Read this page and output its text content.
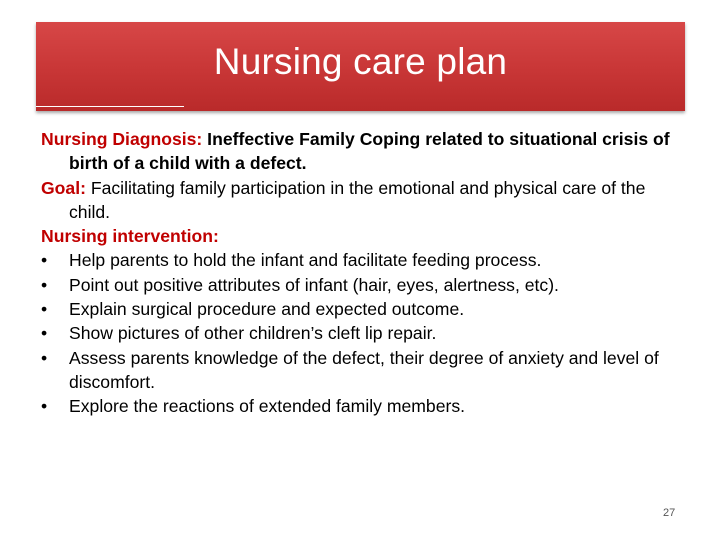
Nursing care plan

Nursing Diagnosis: Ineffective Family Coping related to situational crisis of birth of a child with a defect.

Goal: Facilitating family participation in the emotional and physical care of the child.

Nursing intervention:

•	Help parents to hold the infant and facilitate feeding process.
•	Point out positive attributes of infant (hair, eyes, alertness, etc).
•	Explain surgical procedure and expected outcome.
•	Show pictures of other children’s cleft lip repair.
•	Assess parents knowledge of the defect, their degree of anxiety and level of discomfort.
•	Explore the reactions of extended family members.
27
